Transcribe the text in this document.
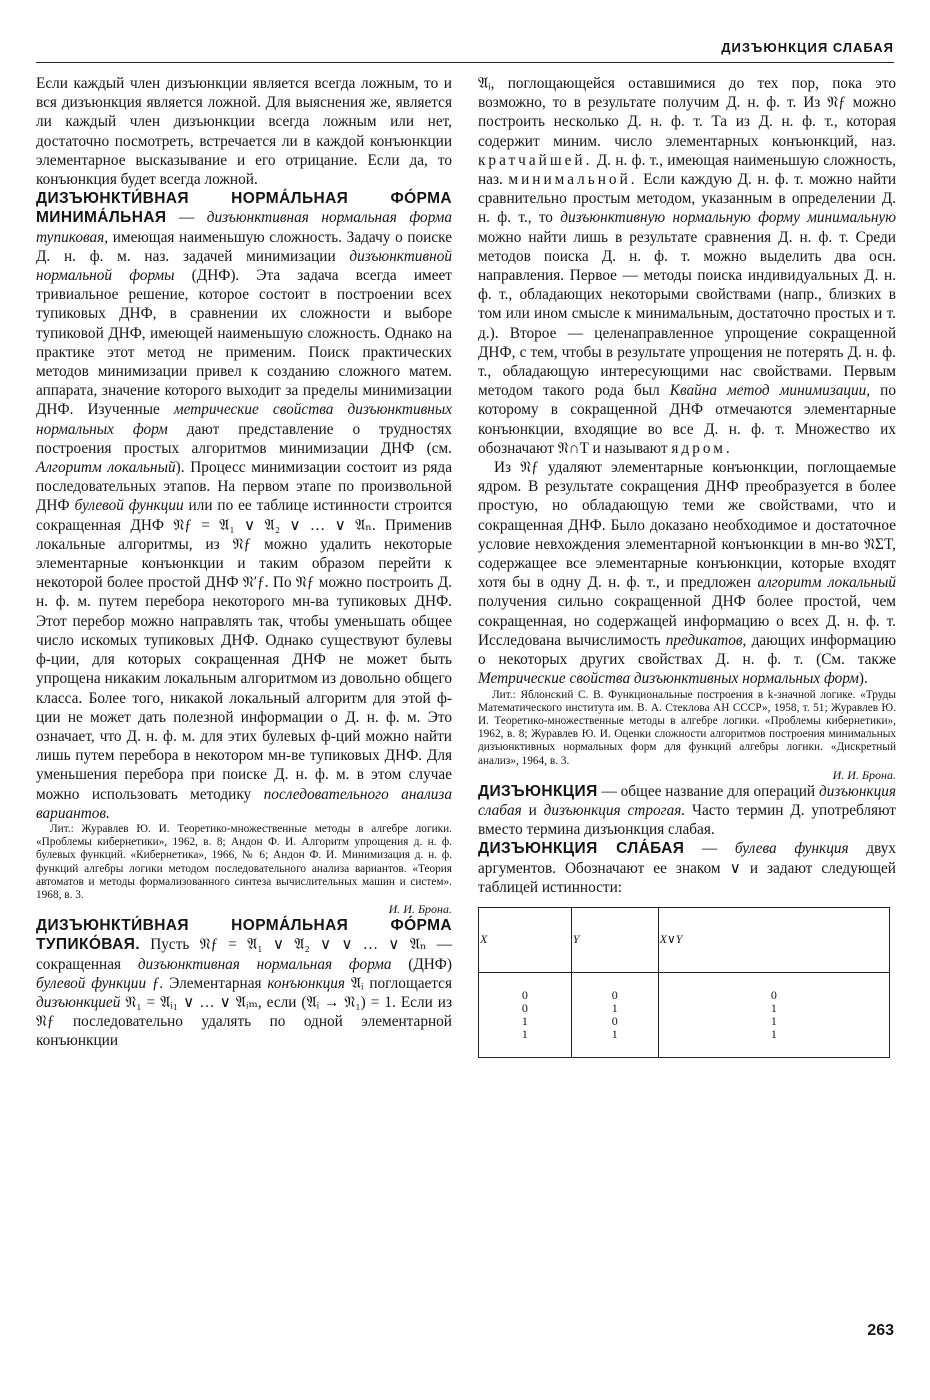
ДИЗЪЮНКЦИЯ СЛАБАЯ

Если каждый член дизъюнкции является всегда ложным, то и вся дизъюнкция является ложной. Для выяснения же, является ли каждый член дизъюнкции всегда ложным или нет, достаточно посмотреть, встречается ли в каждой конъюнкции элементарное высказывание и его отрицание. Если да, то конъюнкция будет всегда ложной.

ДИЗЪЮНКТИ́ВНАЯ НОРМА́ЛЬНАЯ ФО́РМА МИНИМА́ЛЬНАЯ — дизъюнктивная нормальная форма тупиковая, имеющая наименьшую сложность. Задачу о поиске Д. н. ф. м. наз. задачей минимизации дизъюнктивной нормальной формы (ДНФ). Эта задача всегда имеет тривиальное решение, которое состоит в построении всех тупиковых ДНФ, в сравнении их сложности и выборе тупиковой ДНФ, имеющей наименьшую сложность. Однако на практике этот метод не применим. Поиск практических методов минимизации привел к созданию сложного матем. аппарата, значение которого выходит за пределы минимизации ДНФ. Изученные метрические свойства дизъюнктивных нормальных форм дают представление о трудностях построения простых алгоритмов минимизации ДНФ (см. Алгоритм локальный). Процесс минимизации состоит из ряда последовательных этапов. На первом этапе по произвольной ДНФ булевой функции или по ее таблице истинности строится сокращенная ДНФ 𝔑ƒ = 𝔄₁ ∨ 𝔄₂ ∨ … ∨ 𝔄ₙ. Применив локальные алгоритмы, из 𝔑ƒ можно удалить некоторые элементарные конъюнкции и таким образом перейти к некоторой более простой ДНФ 𝔑′ƒ. По 𝔑ƒ можно построить Д. н. ф. м. путем перебора некоторого мн-ва тупиковых ДНФ. Этот перебор можно направлять так, чтобы уменьшать общее число искомых тупиковых ДНФ. Однако существуют булевы ф-ции, для которых сокращенная ДНФ не может быть упрощена никаким локальным алгоритмом из довольно общего класса. Более того, никакой локальный алгоритм для этой ф-ции не может дать полезной информации о Д. н. ф. м. Это означает, что Д. н. ф. м. для этих булевых ф-ций можно найти лишь путем перебора в некотором мн-ве тупиковых ДНФ. Для уменьшения перебора при поиске Д. н. ф. м. в этом случае можно использовать методику последовательного анализа вариантов.

Лит.: Журавлев Ю. И. Теоретико-множественные методы в алгебре логики. «Проблемы кибернетики», 1962, в. 8; Андон Ф. И. Алгоритм упрощения д. н. ф. булевых функций. «Кибернетика», 1966, № 6; Андон Ф. И. Минимизация д. н. ф. функций алгебры логики методом последовательного анализа вариантов. «Теория автоматов и методы формализованного синтеза вычислительных машин и систем». 1968, в. 3.

И. И. Брона.

ДИЗЪЮНКТИ́ВНАЯ НОРМА́ЛЬНАЯ ФО́РМА ТУПИКО́ВАЯ. Пусть 𝔑ƒ = 𝔄₁ ∨ 𝔄₂ ∨ ∨ … ∨ 𝔄ₙ — сокращенная дизъюнктивная нормальная форма (ДНФ) булевой функции ƒ. Элементарная конъюнкция 𝔄ᵢ поглощается дизъюнкцией 𝔑₁ = 𝔄ᵢ₁ ∨ … ∨ 𝔄ᵢₘ, если (𝔄ᵢ → 𝔑₁) = 1. Если из 𝔑ƒ последовательно удалять по одной элементарной конъюнкции

𝔄ᵢ, поглощающейся оставшимися до тех пор, пока это возможно, то в результате получим Д. н. ф. т. Из 𝔑ƒ можно построить несколько Д. н. ф. т. Та из Д. н. ф. т., которая содержит миним. число элементарных конъюнкций, наз. кратчайшей. Д. н. ф. т., имеющая наименьшую сложность, наз. минимальной. Если каждую Д. н. ф. т. можно найти сравнительно простым методом, указанным в определении Д. н. ф. т., то дизъюнктивную нормальную форму минимальную можно найти лишь в результате сравнения Д. н. ф. т. Среди методов поиска Д. н. ф. т. можно выделить два осн. направления. Первое — методы поиска индивидуальных Д. н. ф. т., обладающих некоторыми свойствами (напр., близких в том или ином смысле к минимальным, достаточно простых и т. д.). Второе — целенаправленное упрощение сокращенной ДНФ, с тем, чтобы в результате упрощения не потерять Д. н. ф. т., обладающую интересующими нас свойствами. Первым методом такого рода был Квайна метод минимизации, по которому в сокращенной ДНФ отмечаются элементарные конъюнкции, входящие во все Д. н. ф. т. Множество их обозначают 𝔑∩T и называют ядром.

Из 𝔑ƒ удаляют элементарные конъюнкции, поглощаемые ядром. В результате сокращения ДНФ преобразуется в более простую, но обладающую теми же свойствами, что и сокращенная ДНФ. Было доказано необходимое и достаточное условие невхождения элементарной конъюнкции в мн-во 𝔑ΣT, содержащее все элементарные конъюнкции, которые входят хотя бы в одну Д. н. ф. т., и предложен алгоритм локальный получения сильно сокращенной ДНФ более простой, чем сокращенная, но содержащей информацию о всех Д. н. ф. т. Исследована вычислимость предикатов, дающих информацию о некоторых других свойствах Д. н. ф. т. (См. также Метрические свойства дизъюнктивных нормальных форм).

Лит.: Яблонский С. В. Функциональные построения в k-значной логике. «Труды Математического института им. В. А. Стеклова АН СССР», 1958, т. 51; Журавлев Ю. И. Теоретико-множественные методы в алгебре логики. «Проблемы кибернетики», 1962, в. 8; Журавлев Ю. И. Оценки сложности алгоритмов построения минимальных дизъюнктивных нормальных форм для функций алгебры логики. «Дискретный анализ», 1964, в. 3.

И. И. Брона.

ДИЗЪЮНКЦИЯ — общее название для операций дизъюнкция слабая и дизъюнкция строгая. Часто термин Д. употребляют вместо термина дизъюнкция слабая.

ДИЗЪЮНКЦИЯ СЛА́БАЯ — булева функция двух аргументов. Обозначают ее знаком ∨ и задают следующей таблицей истинности:

X	Y	X∨Y
0	0	0
0	1	1
1	0	1
1	1	1
263
